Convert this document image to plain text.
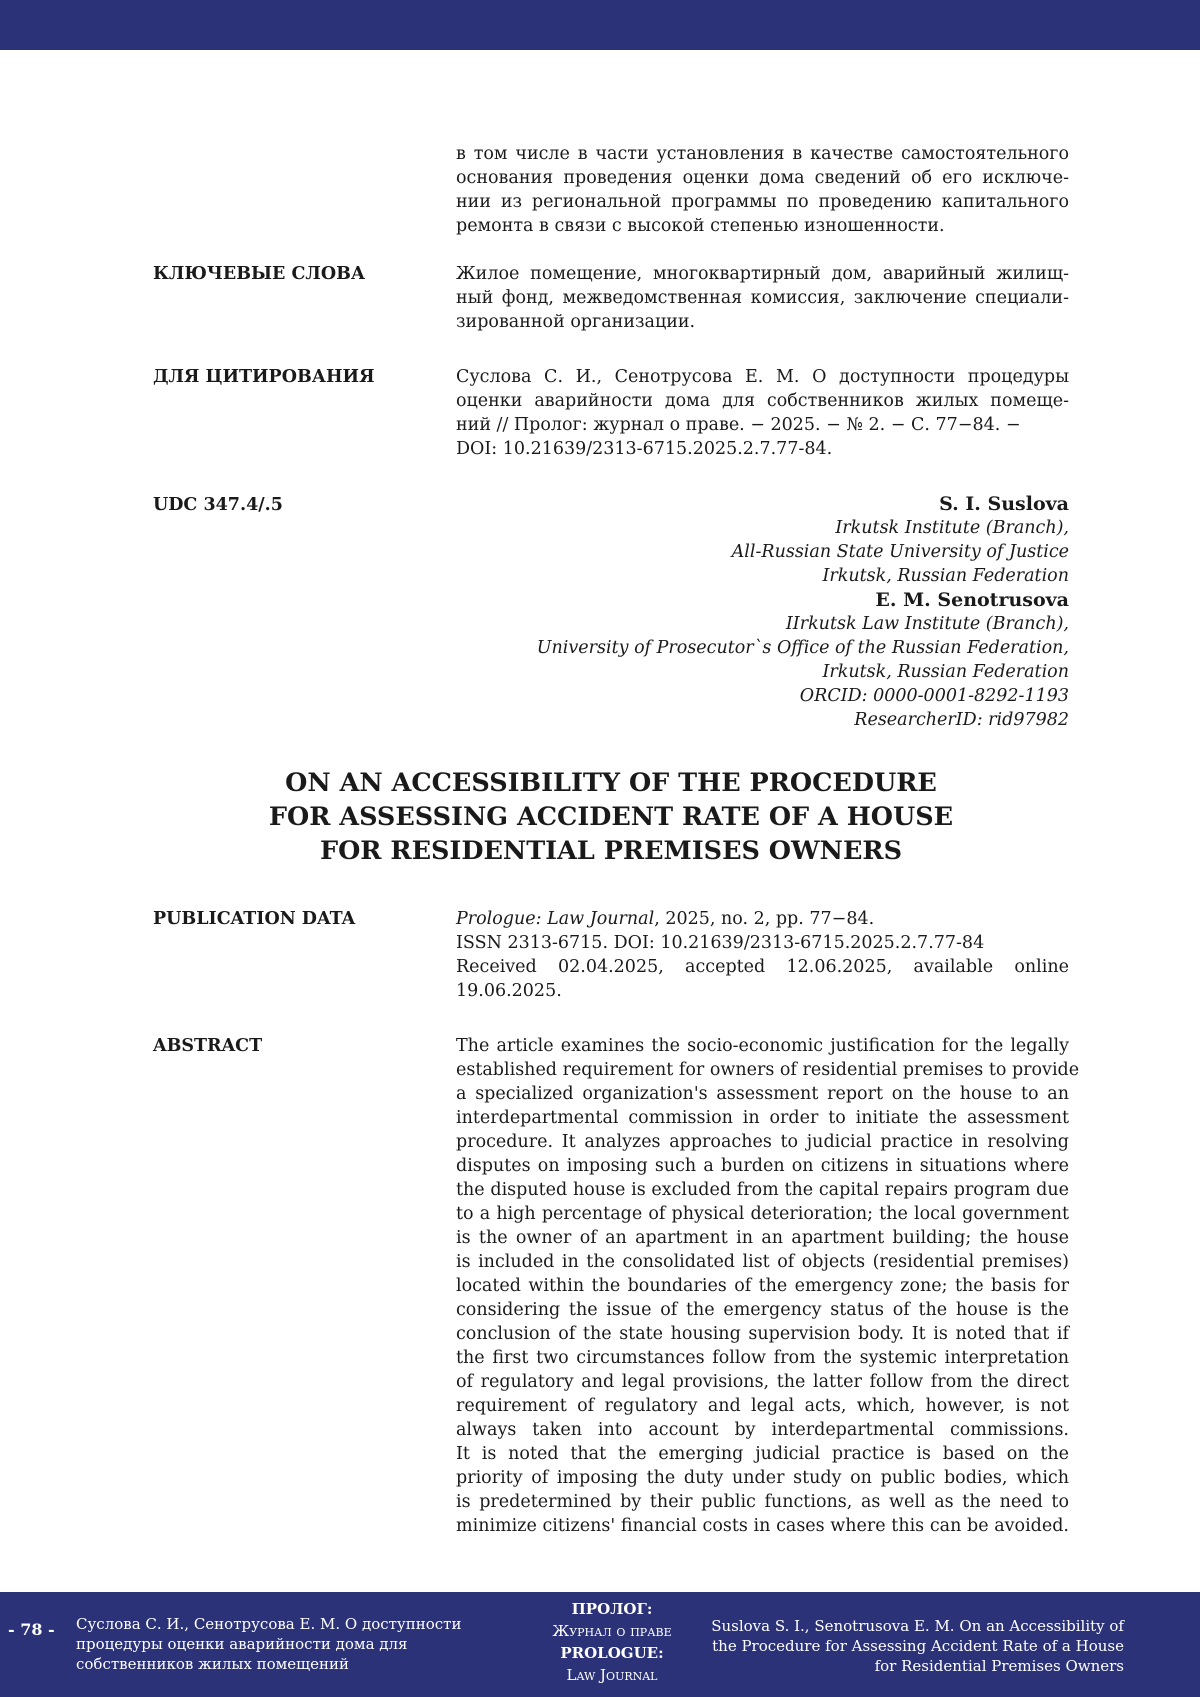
в том числе в части установления в качестве самостоятельного
основания проведения оценки дома сведений об его исключе-
нии из региональной программы по проведению капитального
ремонта в связи с высокой степенью изношенности.
КЛЮЧЕВЫЕ СЛОВА	Жилое помещение, многоквартирный дом, аварийный жилищ-
ный фонд, межведомственная комиссия, заключение специали-
зированной организации.
ДЛЯ ЦИТИРОВАНИЯ	Суслова С. И., Сенотрусова Е. М. О доступности процедуры
оценки аварийности дома для собственников жилых помеще-
ний // Пролог: журнал о праве. − 2025. − № 2. − С. 77−84. −
DOI: 10.21639/2313-6715.2025.2.7.77-84.
UDC 347.4/.5	S. I. Suslova
Irkutsk Institute (Branch),
All-Russian State University of Justice
Irkutsk, Russian Federation
E. M. Senotrusova
IIrkutsk Law Institute (Branch),
University of Prosecutor`s Office of the Russian Federation,
Irkutsk, Russian Federation
ORCID: 0000-0001-8292-1193
ResearcherID: rid97982
ON AN ACCESSIBILITY OF THE PROCEDURE
FOR ASSESSING ACCIDENT RATE OF A HOUSE
FOR RESIDENTIAL PREMISES OWNERS
PUBLICATION DATA	Prologue: Law Journal, 2025, no. 2, pp. 77−84.
ISSN 2313-6715. DOI: 10.21639/2313-6715.2025.2.7.77-84
Received 02.04.2025, accepted 12.06.2025, available online
19.06.2025.
ABSTRACT	The article examines the socio-economic justification for the legally
established requirement for owners of residential premises to provide
a specialized organization's assessment report on the house to an
interdepartmental commission in order to initiate the assessment
procedure. It analyzes approaches to judicial practice in resolving
disputes on imposing such a burden on citizens in situations where
the disputed house is excluded from the capital repairs program due
to a high percentage of physical deterioration; the local government
is the owner of an apartment in an apartment building; the house
is included in the consolidated list of objects (residential premises)
located within the boundaries of the emergency zone; the basis for
considering the issue of the emergency status of the house is the
conclusion of the state housing supervision body. It is noted that if
the first two circumstances follow from the systemic interpretation
of regulatory and legal provisions, the latter follow from the direct
requirement of regulatory and legal acts, which, however, is not
always taken into account by interdepartmental commissions.
It is noted that the emerging judicial practice is based on the
priority of imposing the duty under study on public bodies, which
is predetermined by their public functions, as well as the need to
minimize citizens' financial costs in cases where this can be avoided.
- 78 - Суслова С. И., Сенотрусова Е. М. О доступности
процедуры оценки аварийности дома для
собственников жилых помещений
ПРОЛОГ:
Журнал о праве
PROLOGUE:
Law Journal
Suslova S. I., Senotrusova E. M. On an Accessibility of
the Procedure for Assessing Accident Rate of a House
for Residential Premises Owners
